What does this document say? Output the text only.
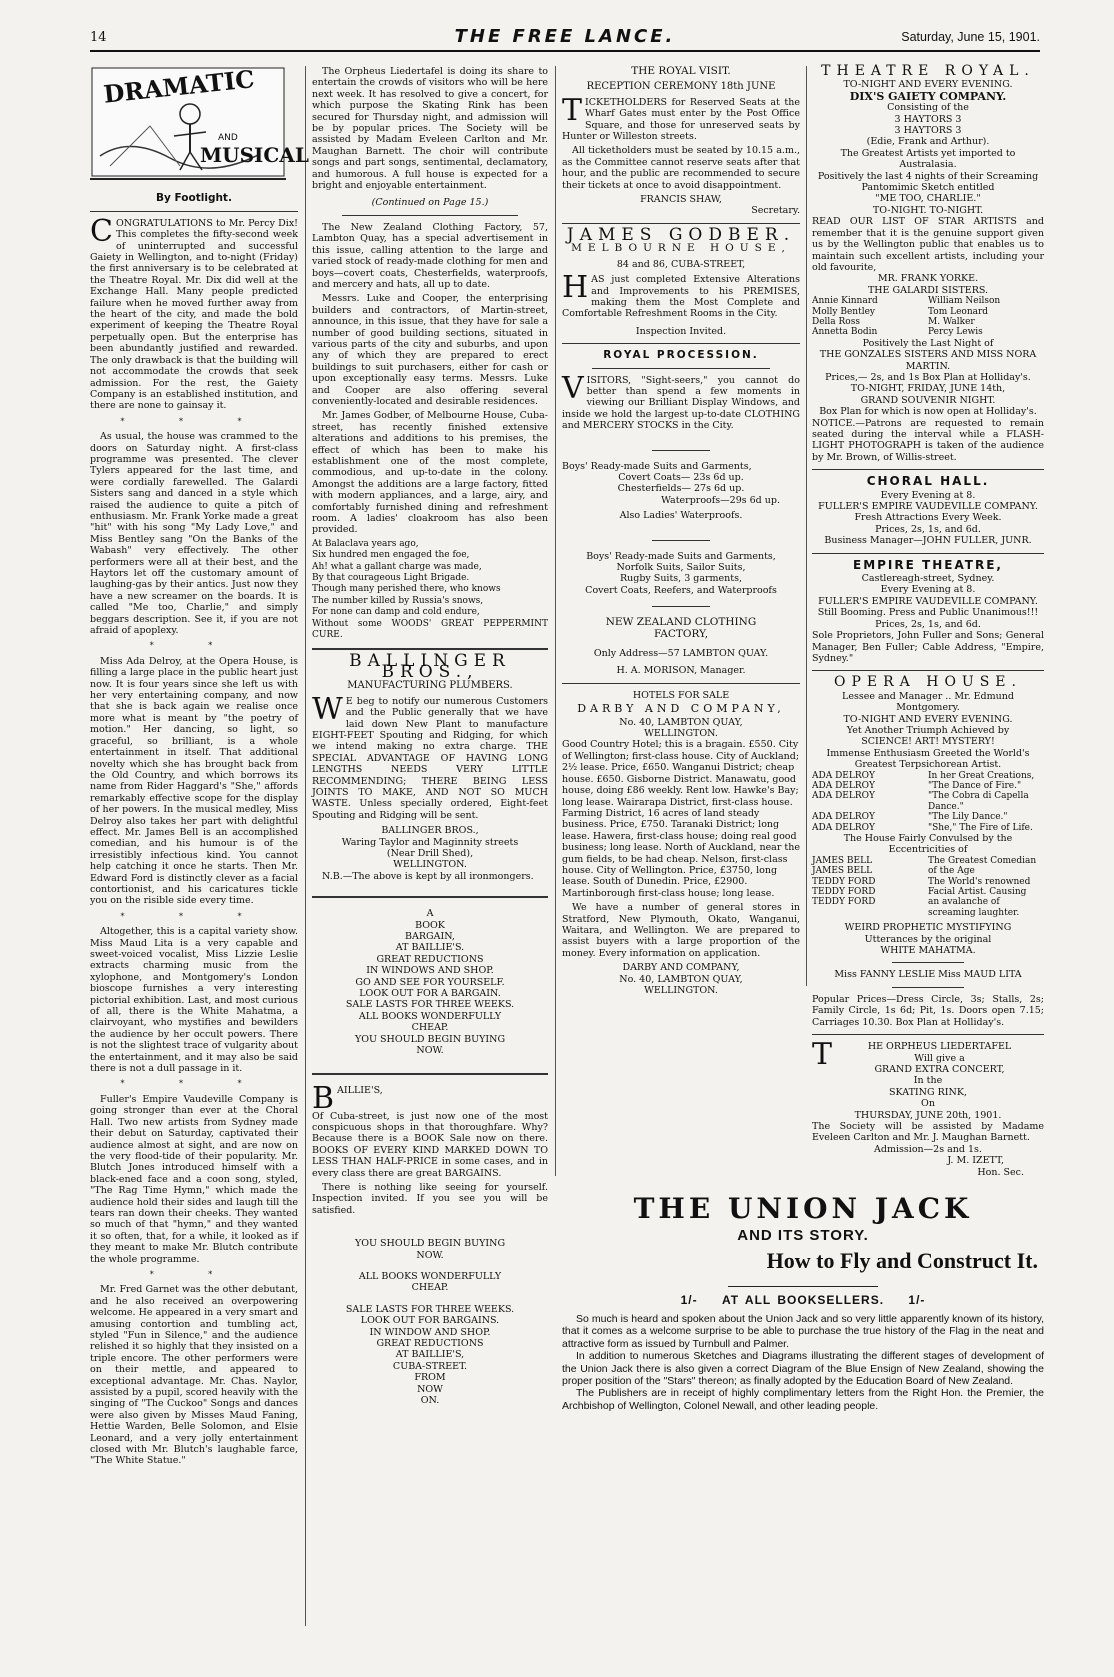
14	THE FREE LANCE.	Saturday, June 15, 1901.
DRAMATIC
AND
MUSICAL
By Footlight.

CONGRATULATIONS to Mr. Percy Dix! This completes the fifty-second week of uninterrupted and successful Gaiety in Wellington, and to-night (Friday) the first anniversary is to be celebrated at the Theatre Royal. Mr. Dix did well at the Exchange Hall. Many people predicted failure when he moved further away from the heart of the city, and made the bold experiment of keeping the Theatre Royal perpetually open. But the enterprise has been abundantly justified and rewarded. The only drawback is that the building will not accommodate the crowds that seek admission. For the rest, the Gaiety Company is an established institution, and there are none to gainsay it.

* * *

As usual, the house was crammed to the doors on Saturday night. A first-class programme was presented. The clever Tylers appeared for the last time, and were cordially farewelled. The Galardi Sisters sang and danced in a style which raised the audience to quite a pitch of enthusiasm. Mr. Frank Yorke made a great "hit" with his song "My Lady Love," and Miss Bentley sang "On the Banks of the Wabash" very effectively. The other performers were all at their best, and the Haytors let off the customary amount of laughing-gas by their antics. Just now they have a new screamer on the boards. It is called "Me too, Charlie," and simply beggars description. See it, if you are not afraid of apoplexy.

* *

Miss Ada Delroy, at the Opera House, is filling a large place in the public heart just now. It is four years since she left us with her very entertaining company, and now that she is back again we realise once more what is meant by "the poetry of motion." Her dancing, so light, so graceful, so brilliant, is a whole entertainment in itself. That additional novelty which she has brought back from the Old Country, and which borrows its name from Rider Haggard's "She," affords remarkably effective scope for the display of her powers. In the musical medley, Miss Delroy also takes her part with delightful effect. Mr. James Bell is an accomplished comedian, and his humour is of the irresistibly infectious kind. You cannot help catching it once he starts. Then Mr. Edward Ford is distinctly clever as a facial contortionist, and his caricatures tickle you on the risible side every time.

* * *

Altogether, this is a capital variety show. Miss Maud Lita is a very capable and sweet-voiced vocalist, Miss Lizzie Leslie extracts charming music from the xylophone, and Montgomery's London bioscope furnishes a very interesting pictorial exhibition. Last, and most curious of all, there is the White Mahatma, a clairvoyant, who mystifies and bewilders the audience by her occult powers. There is not the slightest trace of vulgarity about the entertainment, and it may also be said there is not a dull passage in it.

* * *

Fuller's Empire Vaudeville Company is going stronger than ever at the Choral Hall. Two new artists from Sydney made their debut on Saturday, captivated their audience almost at sight, and are now on the very flood-tide of their popularity. Mr. Blutch Jones introduced himself with a black-ened face and a coon song, styled, "The Rag Time Hymn," which made the audience hold their sides and laugh till the tears ran down their cheeks. They wanted so much of that "hymn," and they wanted it so often, that, for a while, it looked as if they meant to make Mr. Blutch contribute the whole programme.

* *

Mr. Fred Garnet was the other debutant, and he also received an overpowering welcome. He appeared in a very smart and amusing contortion and tumbling act, styled "Fun in Silence," and the audience relished it so highly that they insisted on a triple encore. The other performers were on their mettle, and appeared to exceptional advantage. Mr. Chas. Naylor, assisted by a pupil, scored heavily with the singing of "The Cuckoo" Songs and dances were also given by Misses Maud Faning, Hettie Warden, Belle Solomon, and Elsie Leonard, and a very jolly entertainment closed with Mr. Blutch's laughable farce, "The White Statue."

The Orpheus Liedertafel is doing its share to entertain the crowds of visitors who will be here next week. It has resolved to give a concert, for which purpose the Skating Rink has been secured for Thursday night, and admission will be by popular prices. The Society will be assisted by Madam Eveleen Carlton and Mr. Maughan Barnett. The choir will contribute songs and part songs, sentimental, declamatory, and humorous. A full house is expected for a bright and enjoyable entertainment.

(Continued on Page 15.)

The New Zealand Clothing Factory, 57, Lambton Quay, has a special advertisement in this issue, calling attention to the large and varied stock of ready-made clothing for men and boys—covert coats, Chesterfields, waterproofs, and mercery and hats, all up to date.

Messrs. Luke and Cooper, the enterprising builders and contractors, of Martin-street, announce, in this issue, that they have for sale a number of good building sections, situated in various parts of the city and suburbs, and upon any of which they are prepared to erect buildings to suit purchasers, either for cash or upon exceptionally easy terms. Messrs. Luke and Cooper are also offering several conveniently-located and desirable residences.

Mr. James Godber, of Melbourne House, Cuba-street, has recently finished extensive alterations and additions to his premises, the effect of which has been to make his establishment one of the most complete, commodious, and up-to-date in the colony. Amongst the additions are a large factory, fitted with modern appliances, and a large, airy, and comfortably furnished dining and refreshment room. A ladies' cloakroom has also been provided.

At Balaclava years ago,
Six hundred men engaged the foe,
Ah! what a gallant charge was made,
By that courageous Light Brigade.
Though many perished there, who knows
The number killed by Russia's snows,
For none can damp and cold endure,
Without some WOODS' GREAT PEPPERMINT CURE.
BALLINGER BROS.,
MANUFACTURING PLUMBERS.

W E beg to notify our numerous Customers and the Public generally that we have laid down New Plant to manufacture EIGHT-FEET Spouting and Ridging, for which we intend making no extra charge. THE SPECIAL ADVANTAGE OF HAVING LONG LENGTHS NEEDS VERY LITTLE RECOMMENDING; THERE BEING LESS JOINTS TO MAKE, AND NOT SO MUCH WASTE. Unless specially ordered, Eight-feet Spouting and Ridging will be sent.

BALLINGER BROS.,
Waring Taylor and Maginnity streets
(Near Drill Shed),
WELLINGTON.

N.B.—The above is kept by all ironmongers.

A
BOOK
BARGAIN,
AT BAILLIE'S.
GREAT REDUCTIONS
IN WINDOWS AND SHOP.
GO AND SEE FOR YOURSELF.
LOOK OUT FOR A BARGAIN.
SALE LASTS FOR THREE WEEKS.
ALL BOOKS WONDERFULLY
CHEAP.
YOU SHOULD BEGIN BUYING
NOW.

BAILLIE'S,

Of Cuba-street, is just now one of the most conspicuous shops in that thoroughfare. Why? Because there is a BOOK Sale now on there. BOOKS OF EVERY KIND MARKED DOWN TO LESS THAN HALF-PRICE in some cases, and in every class there are great BARGAINS.

There is nothing like seeing for yourself. Inspection invited. If you see you will be satisfied.

YOU SHOULD BEGIN BUYING
NOW.
ALL BOOKS WONDERFULLY
CHEAP.
SALE LASTS FOR THREE WEEKS.
LOOK OUT FOR BARGAINS.
IN WINDOW AND SHOP.
GREAT REDUCTIONS
AT BAILLIE'S,
CUBA-STREET.
FROM
NOW
ON.
THE ROYAL VISIT.
RECEPTION CEREMONY 18th JUNE

TICKETHOLDERS for Reserved Seats at the Wharf Gates must enter by the Post Office Square, and those for unreserved seats by Hunter or Willeston streets.

All ticketholders must be seated by 10.15 a.m., as the Committee cannot reserve seats after that hour, and the public are recommended to secure their tickets at once to avoid disappointment.

FRANCIS SHAW,
Secretary.
JAMES GODBER.
MELBOURNE HOUSE,
84 and 86, CUBA-STREET,

HAS just completed Extensive Alterations and Improvements to his PREMISES, making them the Most Complete and Comfortable Refreshment Rooms in the City.

Inspection Invited.
ROYAL PROCESSION.

VISITORS, "Sight-seers," you cannot do better than spend a few moments in viewing our Brilliant Display Windows, and inside we hold the largest up-to-date CLOTHING and MERCERY STOCKS in the City.

Boys' Ready-made Suits and Garments,
Covert Coats— 23s 6d up.
Chesterfields— 27s 6d up.
Waterproofs—29s 6d up.
Also Ladies' Waterproofs.
Boys' Ready-made Suits and Garments,
Norfolk Suits, Sailor Suits,
Rugby Suits, 3 garments,
Covert Coats, Reefers, and Waterproofs
NEW ZEALAND CLOTHING FACTORY,
Only Address—57 LAMBTON QUAY.
H. A. MORISON, Manager.
HOTELS FOR SALE
DARBY AND COMPANY,
No. 40, LAMBTON QUAY,
WELLINGTON.

Good Country Hotel; this is a bragain. £550. City of Wellington; first-class house. City of Auckland; 2½ lease. Price, £650. Wanganui District; cheap house. £650. Gisborne District. Manawatu, good house, doing £86 weekly. Rent low. Hawke's Bay; long lease. Wairarapa District, first-class house. Farming District, 16 acres of land steady business. Price, £750. Taranaki District; long lease. Hawera, first-class house; doing real good business; long lease. North of Auckland, near the gum fields, to be had cheap. Nelson, first-class house. City of Wellington. Price, £3750, long lease. South of Dunedin. Price, £2900. Martinborough first-class house; long lease.

We have a number of general stores in Stratford, New Plymouth, Okato, Wanganui, Waitara, and Wellington. We are prepared to assist buyers with a large proportion of the money. Every information on application.

DARBY AND COMPANY,
No. 40, LAMBTON QUAY,
WELLINGTON.
THEATRE ROYAL.
TO-NIGHT AND EVERY EVENING.
DIX'S GAIETY COMPANY.
Consisting of the
3 HAYTORS 3
3 HAYTORS 3
(Edie, Frank and Arthur).
The Greatest Artists yet imported to Australasia.
Positively the last 4 nights of their Screaming Pantomimic Sketch entitled
"ME TOO, CHARLIE."
TO-NIGHT. TO-NIGHT.
READ OUR LIST OF STAR ARTISTS and remember that it is the genuine support given us by the Wellington public that enables us to maintain such excellent artists, including your old favourite,
MR. FRANK YORKE.
THE GALARDI SISTERS.
Annie Kinnard	William Neilson
Molly Bentley	Tom Leonard
Della Ross	M. Walker
Annetta Bodin	Percy Lewis
Positively the Last Night of
THE GONZALES SISTERS AND MISS NORA MARTIN.
Prices,— 2s, and 1s Box Plan at Holliday's.
TO-NIGHT, FRIDAY, JUNE 14th,
GRAND SOUVENIR NIGHT.
Box Plan for which is now open at Holliday's.
NOTICE.—Patrons are requested to remain seated during the interval while a FLASH-LIGHT PHOTOGRAPH is taken of the audience by Mr. Brown, of Willis-street.
CHORAL HALL.
Every Evening at 8.
FULLER'S EMPIRE VAUDEVILLE COMPANY.
Fresh Attractions Every Week.
Prices, 2s, 1s, and 6d.
Business Manager—JOHN FULLER, JUNR.
EMPIRE THEATRE,
Castlereagh-street, Sydney.
Every Evening at 8.
FULLER'S EMPIRE VAUDEVILLE COMPANY.
Still Booming. Press and Public Unanimous!!!
Prices, 2s, 1s, and 6d.
Sole Proprietors, John Fuller and Sons; General Manager, Ben Fuller; Cable Address, "Empire, Sydney."
OPERA HOUSE.
Lessee and Manager .. Mr. Edmund Montgomery.
TO-NIGHT AND EVERY EVENING.
Yet Another Triumph Achieved by
SCIENCE! ART! MYSTERY!
Immense Enthusiasm Greeted the World's Greatest Terpsichorean Artist.
ADA DELROY	In her Great Creations,
ADA DELROY	"The Dance of Fire."
ADA DELROY	"The Cobra di Capella Dance."
ADA DELROY	"The Lily Dance."
ADA DELROY	"She," The Fire of Life.
The House Fairly Convulsed by the Eccentricities of
JAMES BELL	The Greatest Comedian
JAMES BELL	of the Age
TEDDY FORD	The World's renowned
TEDDY FORD	Facial Artist. Causing
TEDDY FORD	an avalanche of screaming laughter.
WEIRD PROPHETIC MYSTIFYING
Utterances by the original
WHITE MAHATMA.
Miss FANNY LESLIE Miss MAUD LITA
Popular Prices—Dress Circle, 3s; Stalls, 2s; Family Circle, 1s 6d; Pit, 1s. Doors open 7.15; Carriages 10.30. Box Plan at Holliday's.
T	HE ORPHEUS LIEDERTAFEL
Will give a
GRAND EXTRA CONCERT,
In the
SKATING RINK,
On
THURSDAY, JUNE 20th, 1901.
The Society will be assisted by Madame Eveleen Carlton and Mr. J. Maughan Barnett.
Admission—2s and 1s.
J. M. IZETT,
Hon. Sec.
THE UNION JACK
AND ITS STORY.
How to Fly and Construct It.
1/- AT ALL BOOKSELLERS. 1/-

So much is heard and spoken about the Union Jack and so very little apparently known of its history, that it comes as a welcome surprise to be able to purchase the true history of the Flag in the neat and attractive form as issued by Turnbull and Palmer.

In addition to numerous Sketches and Diagrams illustrating the different stages of development of the Union Jack there is also given a correct Diagram of the Blue Ensign of New Zealand, showing the proper position of the "Stars" thereon; as finally adopted by the Education Board of New Zealand.

The Publishers are in receipt of highly complimentary letters from the Right Hon. the Premier, the Archbishop of Wellington, Colonel Newall, and other leading people.
